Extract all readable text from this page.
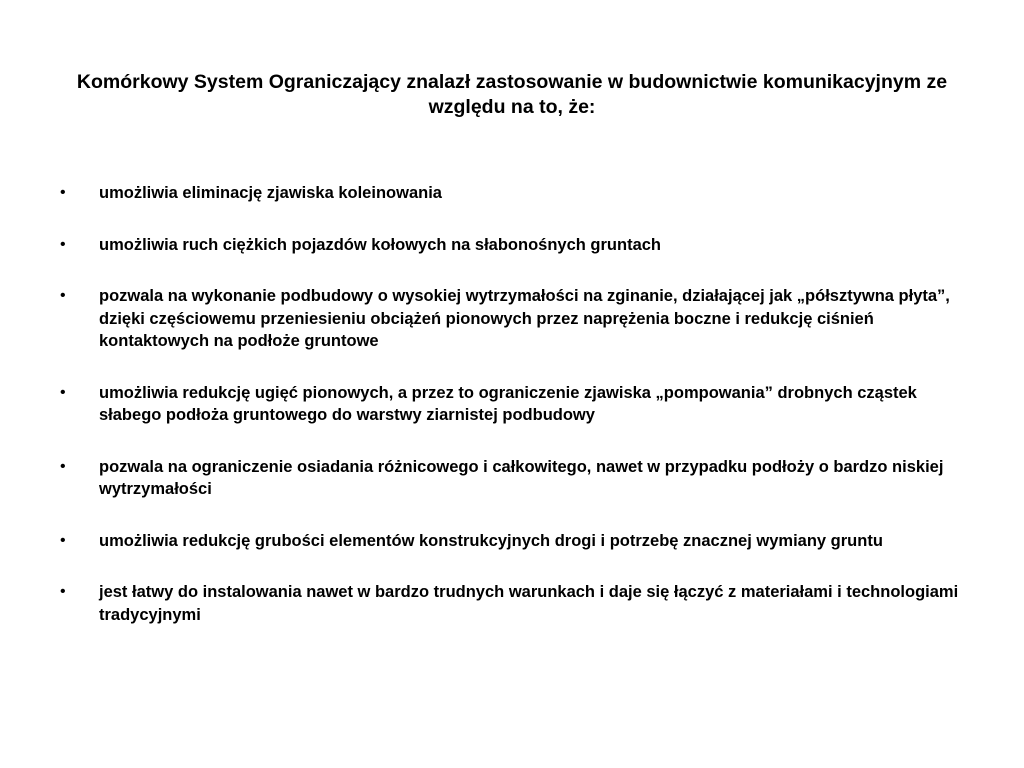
Komórkowy System Ograniczający znalazł zastosowanie w budownictwie komunikacyjnym ze względu na to, że:
• umożliwia eliminację zjawiska koleinowania
• umożliwia ruch ciężkich pojazdów kołowych na słabonośnych gruntach
• pozwala na wykonanie podbudowy o wysokiej wytrzymałości na zginanie, działającej jak „półsztywna płyta”, dzięki częściowemu przeniesieniu obciążeń pionowych przez naprężenia boczne i redukcję ciśnień kontaktowych na podłoże gruntowe
• umożliwia redukcję ugięć pionowych, a przez to ograniczenie zjawiska „pompowania” drobnych cząstek słabego podłoża gruntowego do warstwy ziarnistej podbudowy
• pozwala na ograniczenie osiadania różnicowego i całkowitego, nawet w przypadku podłoży o bardzo niskiej wytrzymałości
• umożliwia redukcję grubości elementów konstrukcyjnych drogi i potrzebę znacznej wymiany gruntu
• jest łatwy do instalowania nawet w bardzo trudnych warunkach i daje się łączyć z materiałami i technologiami tradycyjnymi
